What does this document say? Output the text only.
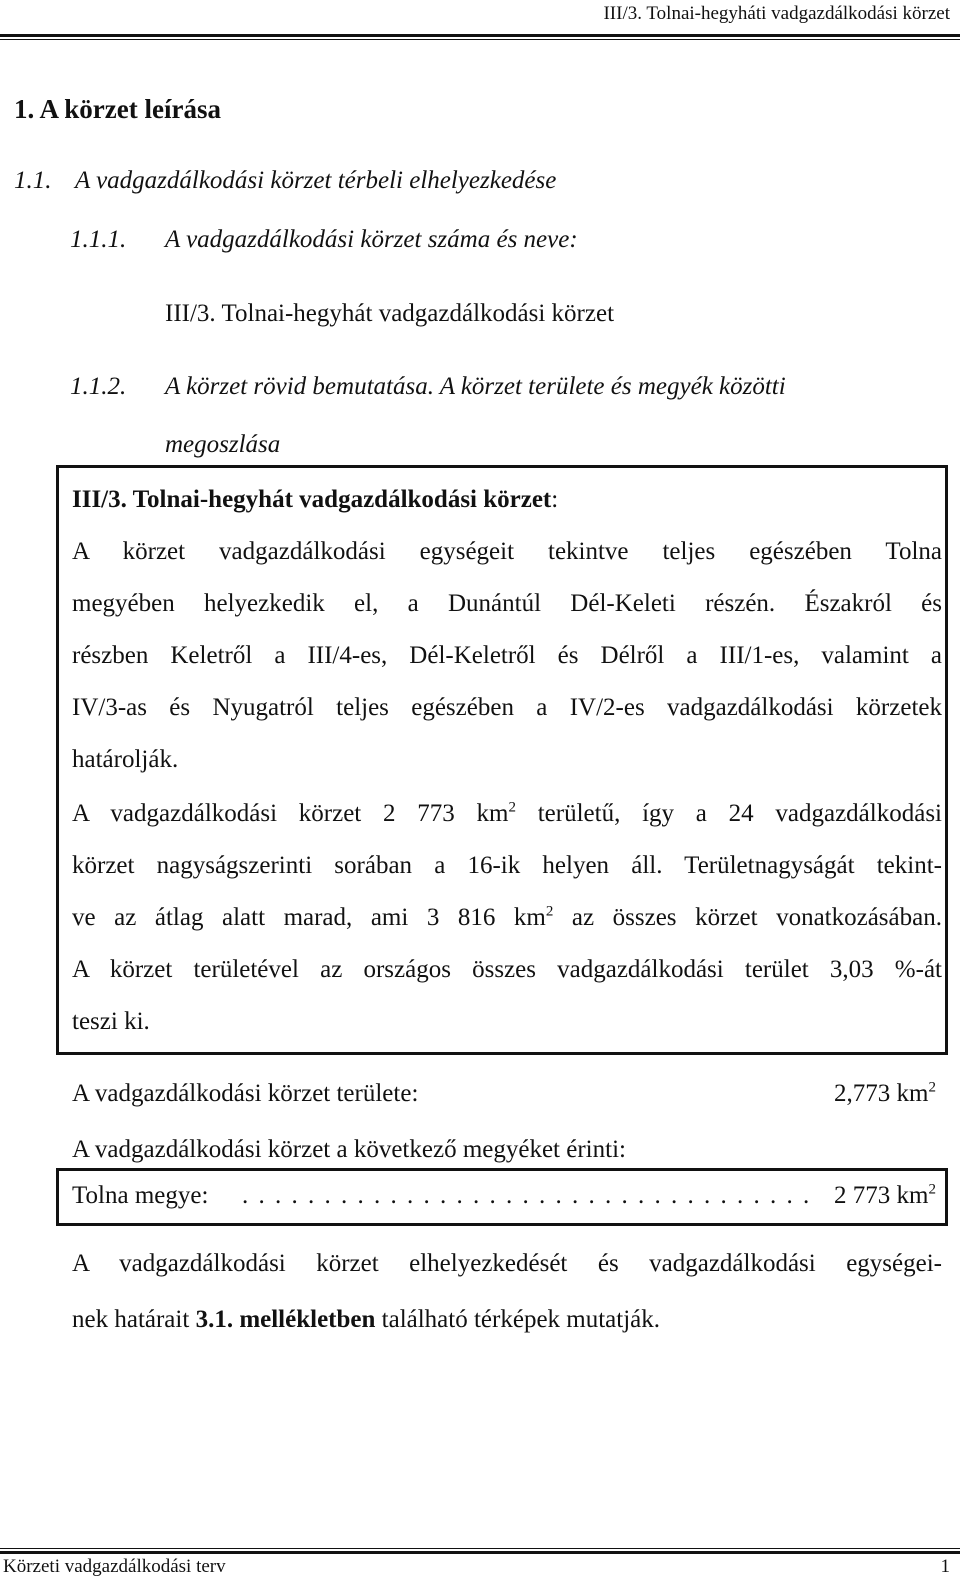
III/3. Tolnai-hegyháti vadgazdálkodási körzet
1. A körzet leírása
1.1. A vadgazdálkodási körzet térbeli elhelyezkedése
1.1.1. A vadgazdálkodási körzet száma és neve:
III/3. Tolnai-hegyhát vadgazdálkodási körzet
1.1.2. A körzet rövid bemutatása. A körzet területe és megyék közötti
megoszlása
III/3. Tolnai-hegyhát vadgazdálkodási körzet:
A körzet vadgazdálkodási egységeit tekintve teljes egészében Tolna
megyében helyezkedik el, a Dunántúl Dél-Keleti részén. Északról és
részben Keletről a III/4-es, Dél-Keletről és Délről a III/1-es, valamint a
IV/3-as és Nyugatról teljes egészében a IV/2-es vadgazdálkodási körzetek
határolják.
A vadgazdálkodási körzet 2 773 $km^2$ területű, így a 24 vadgazdálkodási
körzet nagyságszerinti sorában a 16-ik helyen áll. Területnagyságát tekint-
ve az átlag alatt marad, ami 3 816 $km^2$ az összes körzet vonatkozásában.
A körzet területével az országos összes vadgazdálkodási terület 3,03 %-át
teszi ki.
A vadgazdálkodási körzet területe:	2,773 $km^2$
A vadgazdálkodási körzet a következő megyéket érinti:
Tolna megye: . . . . . . . . . . . . . . . . . . . . . . . . . . . . . . . . . . . 2 773 $km^2$
A vadgazdálkodási körzet elhelyezkedését és vadgazdálkodási egységei-
nek határait 3.1. mellékletben található térképek mutatják.
Körzeti vadgazdálkodási terv	1
